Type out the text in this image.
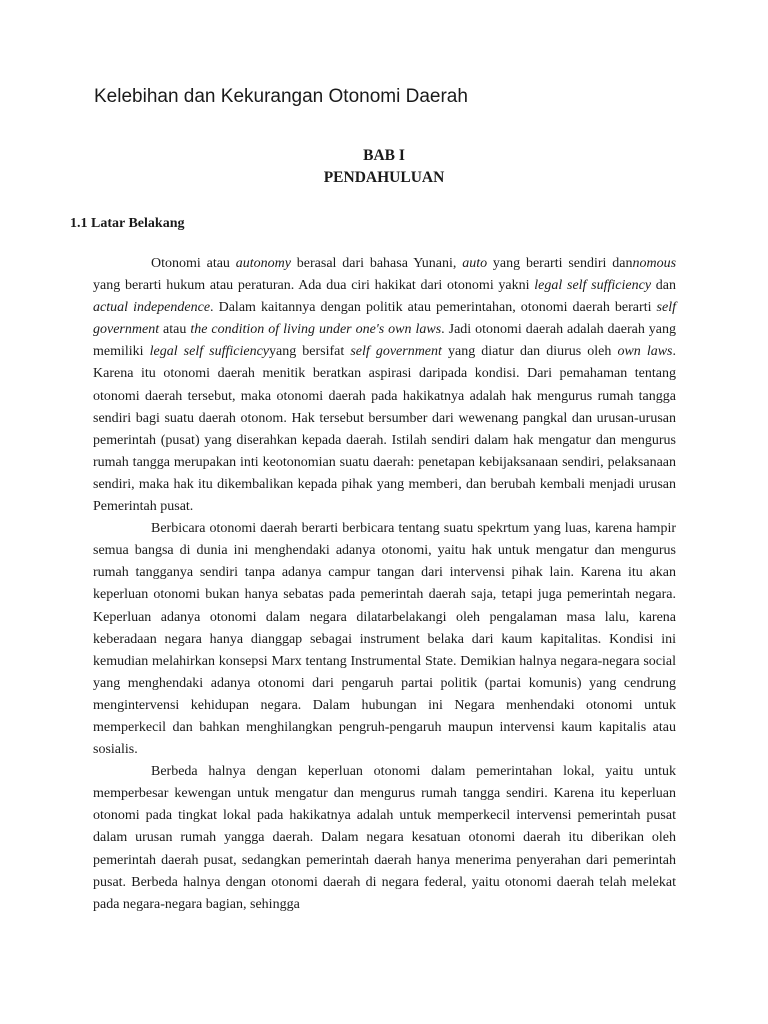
Kelebihan dan Kekurangan Otonomi Daerah
BAB I
PENDAHULUAN
1.1 Latar Belakang

Otonomi atau autonomy berasal dari bahasa Yunani, auto yang berarti sendiri dannomous yang berarti hukum atau peraturan. Ada dua ciri hakikat dari otonomi yakni legal self sufficiency dan actual independence. Dalam kaitannya dengan politik atau pemerintahan, otonomi daerah berarti self government atau the condition of living under one's own laws. Jadi otonomi daerah adalah daerah yang memiliki legal self sufficiencyyang bersifat self government yang diatur dan diurus oleh own laws. Karena itu otonomi daerah menitik beratkan aspirasi daripada kondisi. Dari pemahaman tentang otonomi daerah tersebut, maka otonomi daerah pada hakikatnya adalah hak mengurus rumah tangga sendiri bagi suatu daerah otonom. Hak tersebut bersumber dari wewenang pangkal dan urusan-urusan pemerintah (pusat) yang diserahkan kepada daerah. Istilah sendiri dalam hak mengatur dan mengurus rumah tangga merupakan inti keotonomian suatu daerah: penetapan kebijaksanaan sendiri, pelaksanaan sendiri, maka hak itu dikembalikan kepada pihak yang memberi, dan berubah kembali menjadi urusan Pemerintah pusat.

Berbicara otonomi daerah berarti berbicara tentang suatu spekrtum yang luas, karena hampir semua bangsa di dunia ini menghendaki adanya otonomi, yaitu hak untuk mengatur dan mengurus rumah tangganya sendiri tanpa adanya campur tangan dari intervensi pihak lain. Karena itu akan keperluan otonomi bukan hanya sebatas pada pemerintah daerah saja, tetapi juga pemerintah negara. Keperluan adanya otonomi dalam negara dilatarbelakangi oleh pengalaman masa lalu, karena keberadaan negara hanya dianggap sebagai instrument belaka dari kaum kapitalitas. Kondisi ini kemudian melahirkan konsepsi Marx tentang Instrumental State. Demikian halnya negara-negara social yang menghendaki adanya otonomi dari pengaruh partai politik (partai komunis) yang cendrung mengintervensi kehidupan negara. Dalam hubungan ini Negara menhendaki otonomi untuk memperkecil dan bahkan menghilangkan pengruh-pengaruh maupun intervensi kaum kapitalis atau sosialis.

Berbeda halnya dengan keperluan otonomi dalam pemerintahan lokal, yaitu untuk memperbesar kewengan untuk mengatur dan mengurus rumah tangga sendiri. Karena itu keperluan otonomi pada tingkat lokal pada hakikatnya adalah untuk memperkecil intervensi pemerintah pusat dalam urusan rumah yangga daerah. Dalam negara kesatuan otonomi daerah itu diberikan oleh pemerintah daerah pusat, sedangkan pemerintah daerah hanya menerima penyerahan dari pemerintah pusat. Berbeda halnya dengan otonomi daerah di negara federal, yaitu otonomi daerah telah melekat pada negara-negara bagian, sehingga
